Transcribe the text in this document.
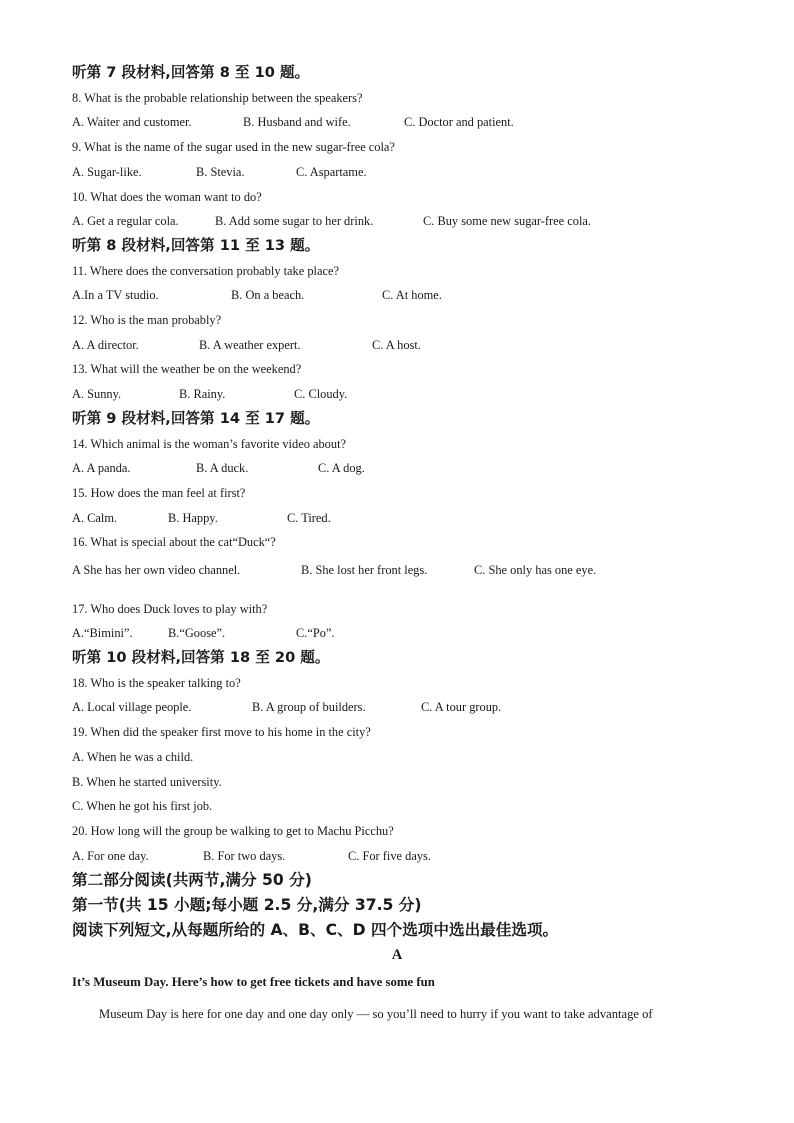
听第 7 段材料,回答第 8 至 10 题。
8. What is the probable relationship between the speakers?
A. Waiter and customer.	B. Husband and wife.	C. Doctor and patient.
9. What is the name of the sugar used in the new sugar-free cola?
A. Sugar-like.	B. Stevia.	C. Aspartame.
10. What does the woman want to do?
A. Get a regular cola.	B. Add some sugar to her drink.	C. Buy some new sugar-free cola.
听第 8 段材料,回答第 11 至 13 题。
11. Where does the conversation probably take place?
A.In a TV studio.	B. On a beach.	C. At home.
12. Who is the man probably?
A. A director.	B. A weather expert.	C. A host.
13. What will the weather be on the weekend?
A. Sunny.	B. Rainy.	C. Cloudy.
听第 9 段材料,回答第 14 至 17 题。
14. Which animal is the woman’s favorite video about?
A. A panda.	B. A duck.	C. A dog.
15. How does the man feel at first?
A. Calm.	B. Happy.	C. Tired.
16. What is special about the cat“Duck“?
A She has her own video channel.	B. She lost her front legs.	C. She only has one eye.
17. Who does Duck loves to play with?
A.“Bimini”.	B.“Goose”.	C.“Po”.
听第 10 段材料,回答第 18 至 20 题。
18. Who is the speaker talking to?
A. Local village people.	B. A group of builders.	C. A tour group.
19. When did the speaker first move to his home in the city?
A. When he was a child.
B. When he started university.
C. When he got his first job.
20. How long will the group be walking to get to Machu Picchu?
A. For one day.	B. For two days.	C. For five days.
第二部分阅读(共两节,满分 50 分)
第一节(共 15 小题;每小题 2.5 分,满分 37.5 分)
阅读下列短文,从每题所给的 A、B、C、D 四个选项中选出最佳选项。
A
It’s Museum Day. Here’s how to get free tickets and have some fun
Museum Day is here for one day and one day only — so you’ll need to hurry if you want to take advantage of
